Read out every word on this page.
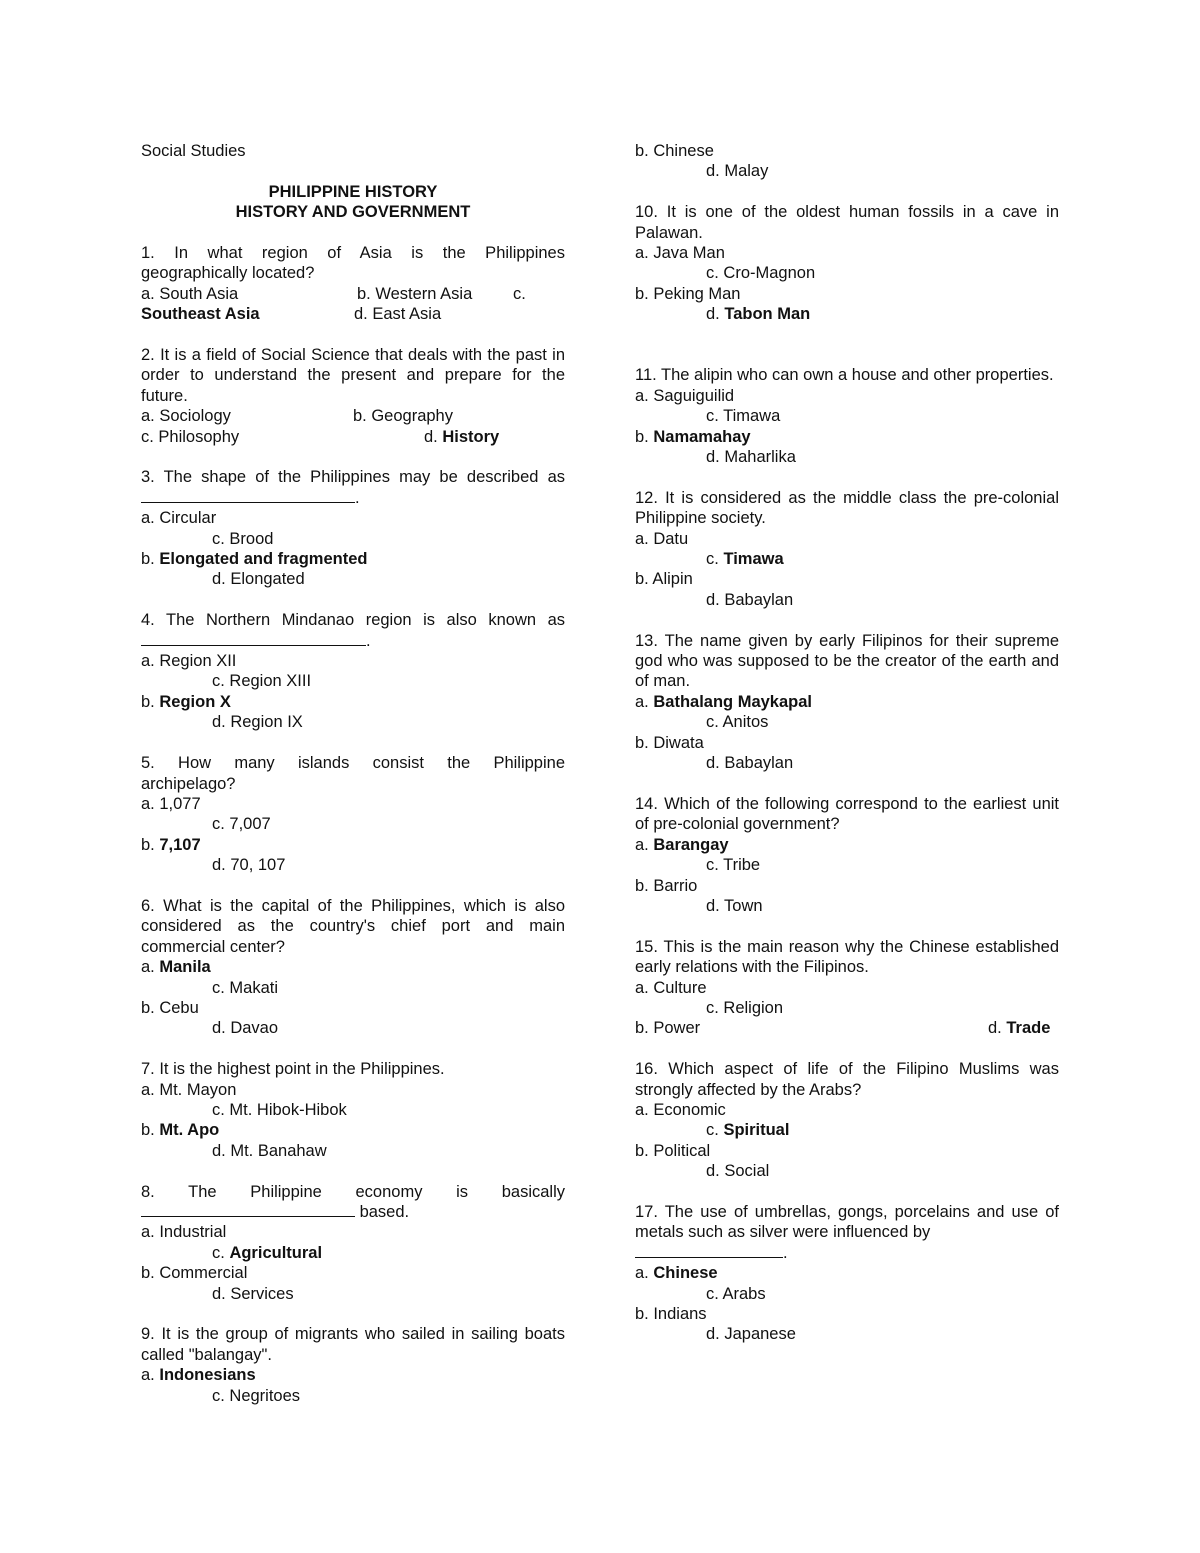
Social Studies
PHILIPPINE HISTORY
HISTORY AND GOVERNMENT
1. In what region of Asia is the Philippines
geographically located?
a. South Asia	b. Western Asia	c.
Southeast Asia	d. East Asia
2. It is a field of Social Science that deals with the past in order to understand the present and prepare for the future.
a. Sociology	b. Geography
c. Philosophy	d.
History
3. The shape of the Philippines may be described as
.
a. Circular
c. Brood
b. Elongated and fragmented
d. Elongated
4. The Northern Mindanao region is also known as
.
a. Region XII
c. Region XIII
b. Region X
d. Region IX
5. How many islands consist the Philippine
archipelago?
a. 1,077
c. 7,007
b. 7,107
d. 70, 107
6. What is the capital of the Philippines, which is also considered as the country's chief port and main commercial center?
a. Manila
c. Makati
b. Cebu
d. Davao
7. It is the highest point in the Philippines.
a. Mt. Mayon
c. Mt. Hibok-Hibok
b. Mt. Apo
d. Mt. Banahaw
8. The Philippine economy is basically
based.
a. Industrial
c. Agricultural
b. Commercial
d. Services
9. It is the group of migrants who sailed in sailing boats called "balangay".
a. Indonesians
c. Negritoes
b. Chinese
d. Malay
10. It is one of the oldest human fossils in a cave in Palawan.
a. Java Man
c. Cro-Magnon
b. Peking Man
d. Tabon Man
11. The alipin who can own a house and other properties.
a. Saguiguilid
c. Timawa
b. Namamahay
d. Maharlika
12. It is considered as the middle class the pre-colonial Philippine society.
a. Datu
c. Timawa
b. Alipin
d. Babaylan
13. The name given by early Filipinos for their supreme god who was supposed to be the creator of the earth and of man.
a. Bathalang Maykapal
c. Anitos
b. Diwata
d. Babaylan
14. Which of the following correspond to the earliest unit of pre-colonial government?
a. Barangay
c. Tribe
b. Barrio
d. Town
15. This is the main reason why the Chinese established early relations with the Filipinos.
a. Culture
c. Religion
b. Power	d.
Trade
16. Which aspect of life of the Filipino Muslims was strongly affected by the Arabs?
a. Economic
c. Spiritual
b. Political
d. Social
17. The use of umbrellas, gongs, porcelains and use of metals such as silver were influenced by
.
a. Chinese
c. Arabs
b. Indians
d. Japanese
